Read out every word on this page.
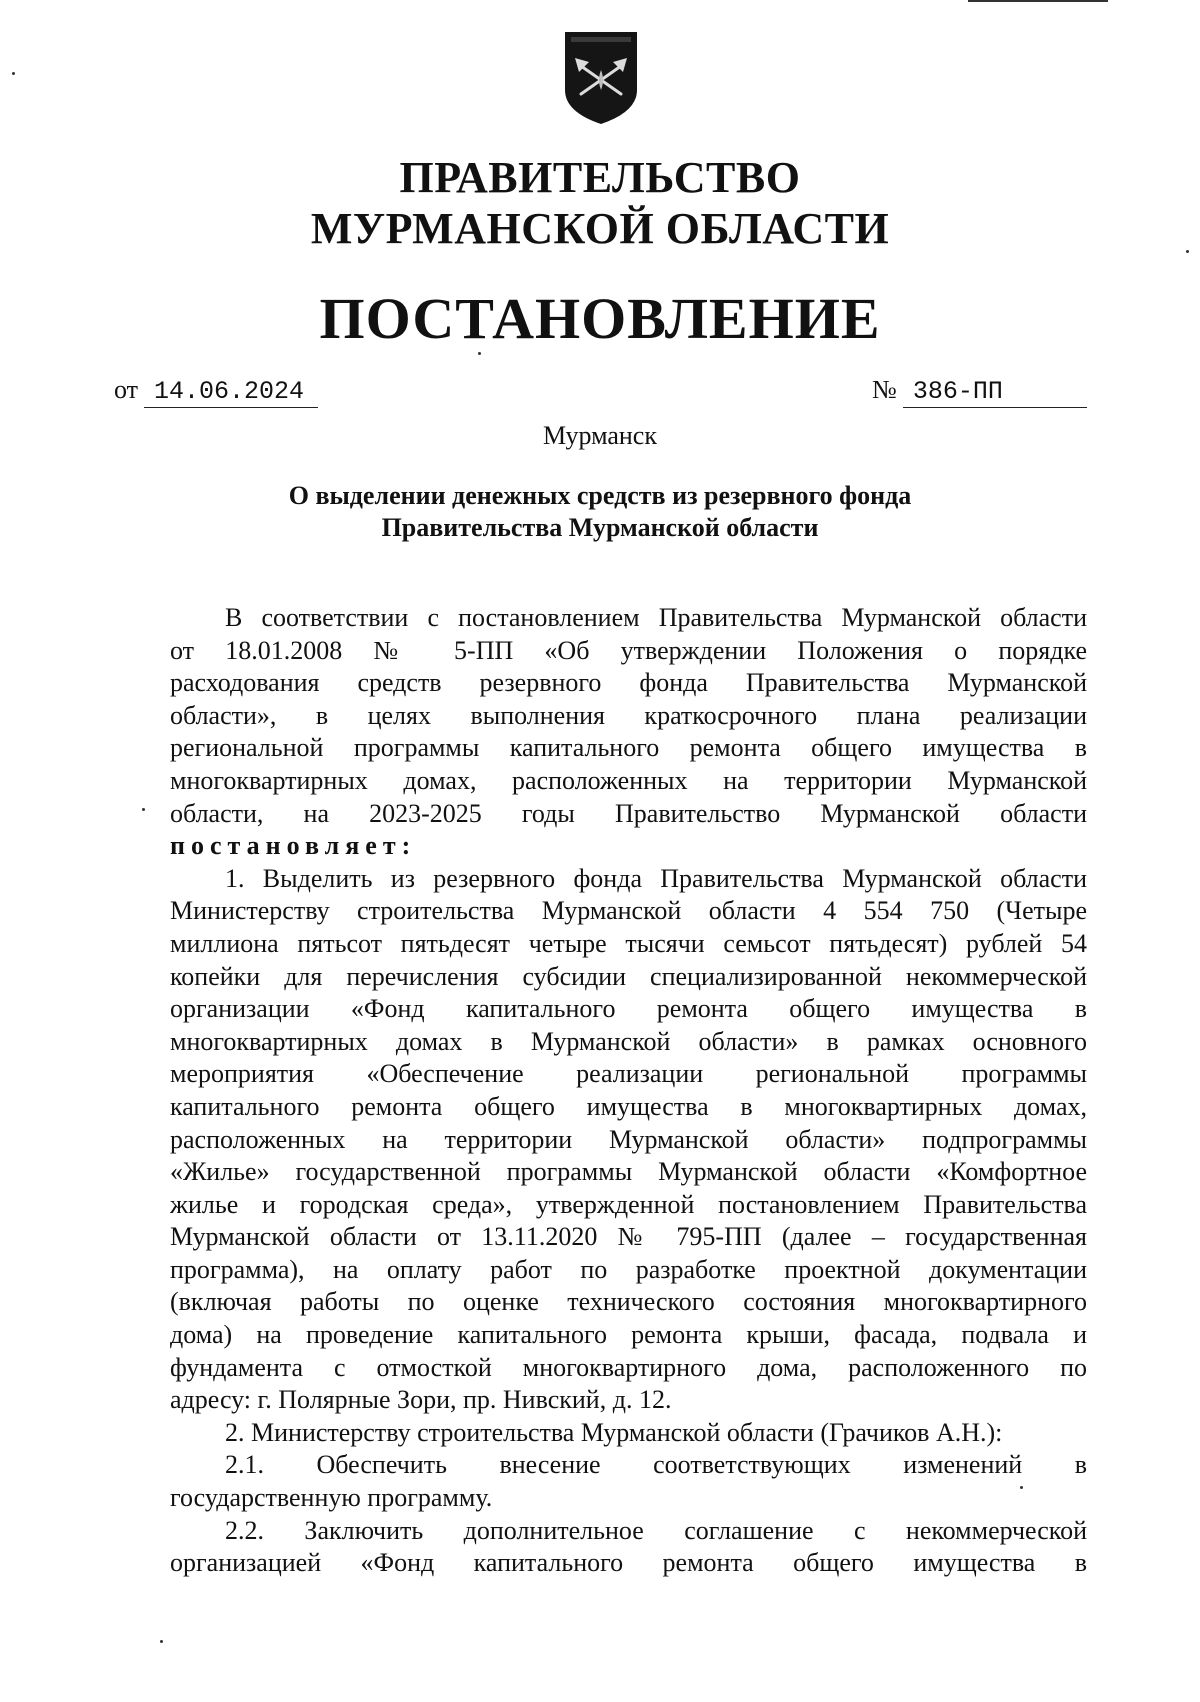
ПРАВИТЕЛЬСТВО
МУРМАНСКОЙ ОБЛАСТИ
ПОСТАНОВЛЕНИЕ
от 14.06.2024	№ 386-ПП
Мурманск
О выделении денежных средств из резервного фонда
Правительства Мурманской области
В соответствии с постановлением Правительства Мурманской области
от 18.01.2008 № 5-ПП «Об утверждении Положения о порядке
расходования средств резервного фонда Правительства Мурманской
области», в целях выполнения краткосрочного плана реализации
региональной программы капитального ремонта общего имущества в
многоквартирных домах, расположенных на территории Мурманской
области, на 2023-2025 годы Правительство Мурманской области
постановляет:
1. Выделить из резервного фонда Правительства Мурманской области
Министерству строительства Мурманской области 4 554 750 (Четыре
миллиона пятьсот пятьдесят четыре тысячи семьсот пятьдесят) рублей 54
копейки для перечисления субсидии специализированной некоммерческой
организации «Фонд капитального ремонта общего имущества в
многоквартирных домах в Мурманской области» в рамках основного
мероприятия «Обеспечение реализации региональной программы
капитального ремонта общего имущества в многоквартирных домах,
расположенных на территории Мурманской области» подпрограммы
«Жилье» государственной программы Мурманской области «Комфортное
жилье и городская среда», утвержденной постановлением Правительства
Мурманской области от 13.11.2020 № 795-ПП (далее – государственная
программа), на оплату работ по разработке проектной документации
(включая работы по оценке технического состояния многоквартирного
дома) на проведение капитального ремонта крыши, фасада, подвала и
фундамента с отмосткой многоквартирного дома, расположенного по
адресу: г. Полярные Зори, пр. Нивский, д. 12.
2. Министерству строительства Мурманской области (Грачиков А.Н.):
2.1. Обеспечить внесение соответствующих изменений в
государственную программу.
2.2. Заключить дополнительное соглашение с некоммерческой
организацией «Фонд капитального ремонта общего имущества в
